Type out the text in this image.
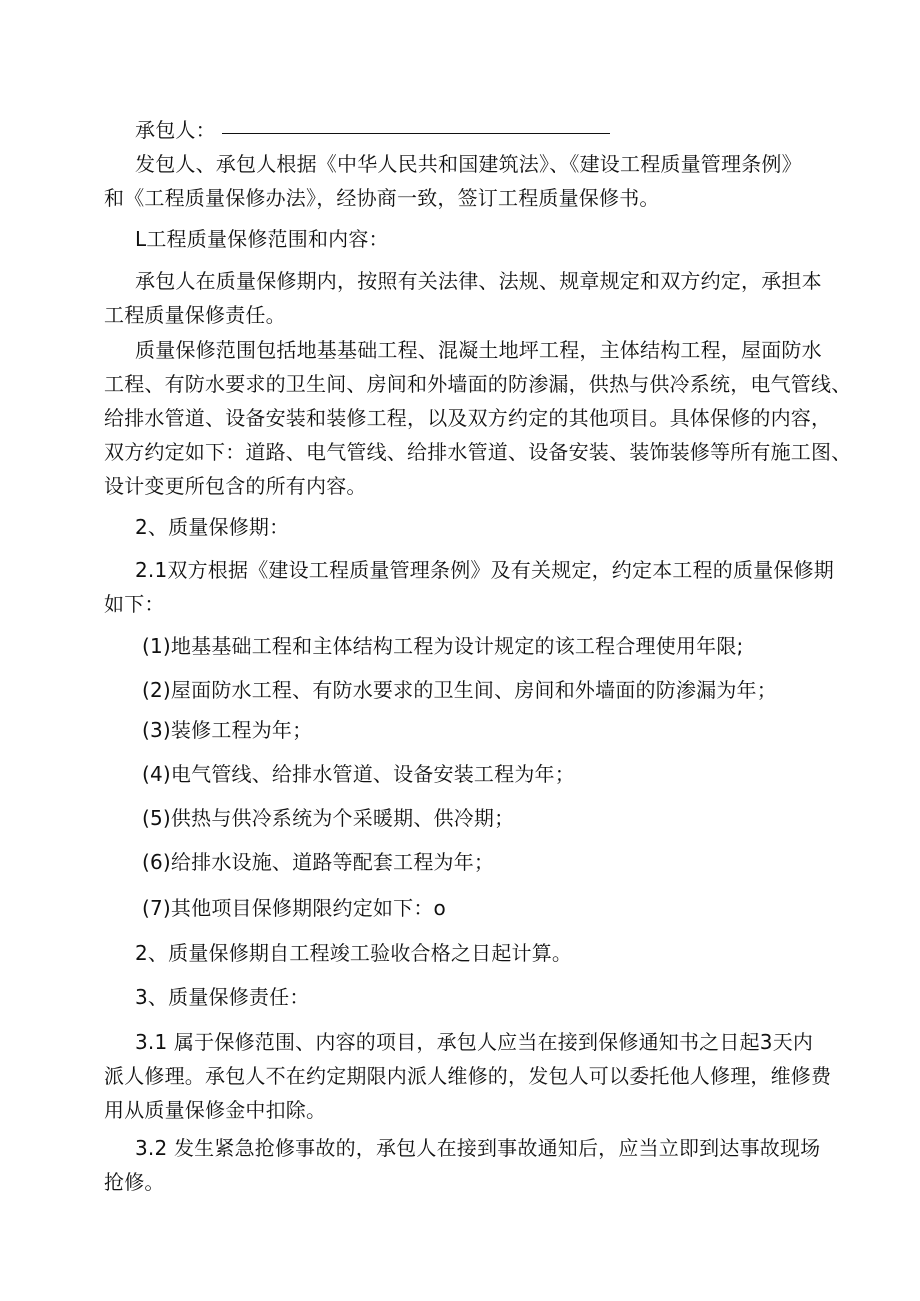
承包人：
发包人、承包人根据《中华人民共和国建筑法》、《建设工程质量管理条例》
和《工程质量保修办法》，经协商一致，签订工程质量保修书。
L工程质量保修范围和内容：
承包人在质量保修期内，按照有关法律、法规、规章规定和双方约定，承担本
工程质量保修责任。
质量保修范围包括地基基础工程、混凝土地坪工程，主体结构工程，屋面防水
工程、有防水要求的卫生间、房间和外墙面的防渗漏，供热与供冷系统，电气管线、
给排水管道、设备安装和装修工程，以及双方约定的其他项目。具体保修的内容，
双方约定如下：道路、电气管线、给排水管道、设备安装、装饰装修等所有施工图、
设计变更所包含的所有内容。
2、质量保修期：
2.1双方根据《建设工程质量管理条例》及有关规定，约定本工程的质量保修期
如下：
(1)地基基础工程和主体结构工程为设计规定的该工程合理使用年限;
(2)屋面防水工程、有防水要求的卫生间、房间和外墙面的防渗漏为年；
(3)装修工程为年；
(4)电气管线、给排水管道、设备安装工程为年；
(5)供热与供冷系统为个采暖期、供冷期；
(6)给排水设施、道路等配套工程为年；
(7)其他项目保修期限约定如下：o
2、质量保修期自工程竣工验收合格之日起计算。
3、质量保修责任：
3.1 属于保修范围、内容的项目，承包人应当在接到保修通知书之日起3天内
派人修理。承包人不在约定期限内派人维修的，发包人可以委托他人修理，维修费
用从质量保修金中扣除。
3.2 发生紧急抢修事故的，承包人在接到事故通知后，应当立即到达事故现场
抢修。
